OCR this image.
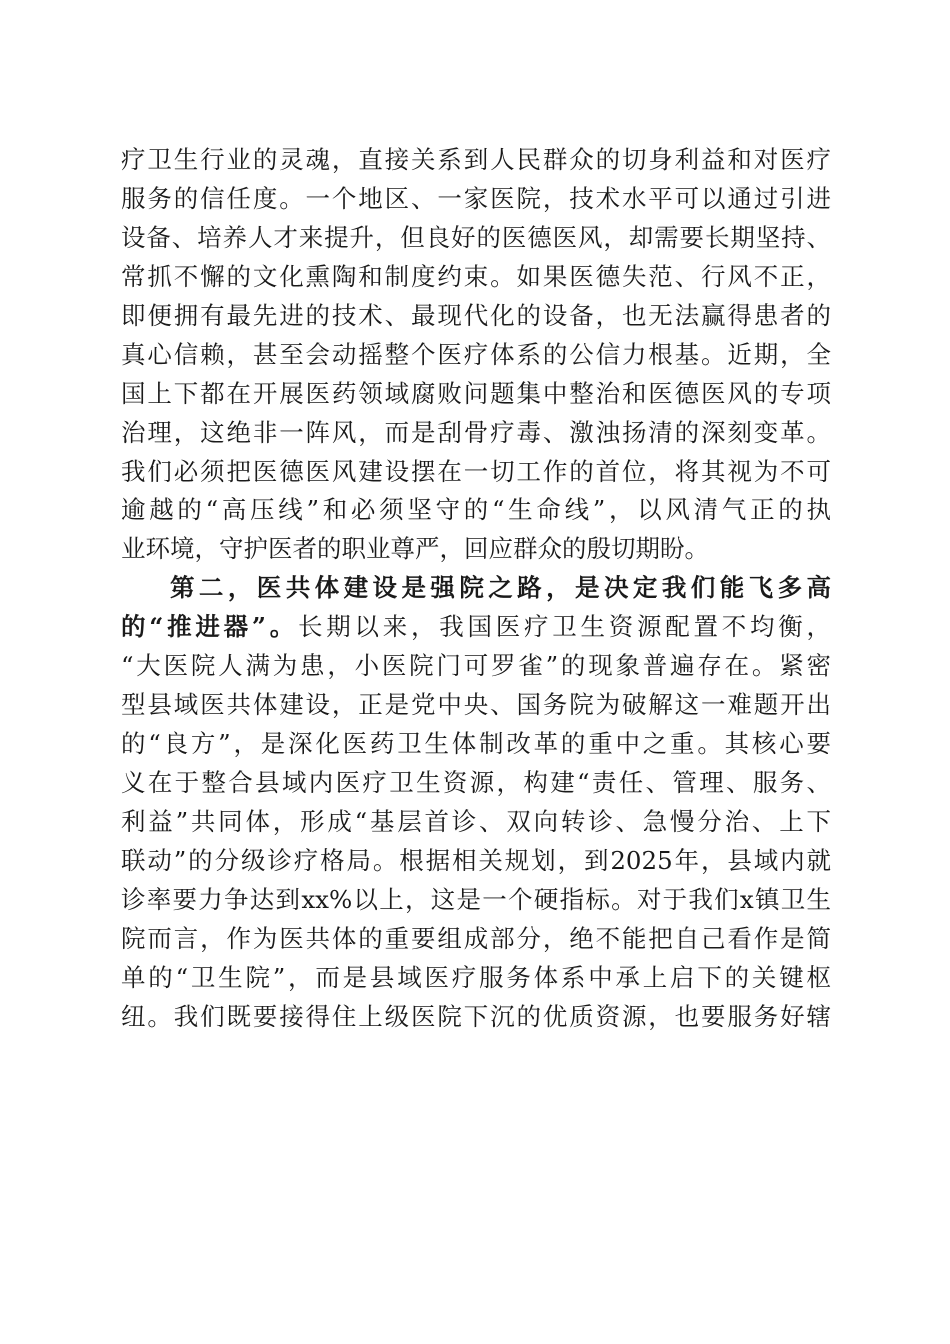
疗卫生行业的灵魂，直接关系到人民群众的切身利益和对医疗
服务的信任度。一个地区、一家医院，技术水平可以通过引进
设备、培养人才来提升，但良好的医德医风，却需要长期坚持、
常抓不懈的文化熏陶和制度约束。如果医德失范、行风不正，
即便拥有最先进的技术、最现代化的设备，也无法赢得患者的
真心信赖，甚至会动摇整个医疗体系的公信力根基。近期，全
国上下都在开展医药领域腐败问题集中整治和医德医风的专项
治理，这绝非一阵风，而是刮骨疗毒、激浊扬清的深刻变革。
我们必须把医德医风建设摆在一切工作的首位，将其视为不可
逾越的“高压线”和必须坚守的“生命线”，以风清气正的执
业环境，守护医者的职业尊严，回应群众的殷切期盼。
第二，医共体建设是强院之路，是决定我们能飞多高
的“推进器”。长期以来，我国医疗卫生资源配置不均衡，
“大医院人满为患，小医院门可罗雀”的现象普遍存在。紧密
型县域医共体建设，正是党中央、国务院为破解这一难题开出
的“良方”，是深化医药卫生体制改革的重中之重。其核心要
义在于整合县域内医疗卫生资源，构建“责任、管理、服务、
利益”共同体，形成“基层首诊、双向转诊、急慢分治、上下
联动”的分级诊疗格局。根据相关规划，到2025年，县域内就
诊率要力争达到xx%以上，这是一个硬指标。对于我们x镇卫生
院而言，作为医共体的重要组成部分，绝不能把自己看作是简
单的“卫生院”，而是县域医疗服务体系中承上启下的关键枢
纽。我们既要接得住上级医院下沉的优质资源，也要服务好辖
